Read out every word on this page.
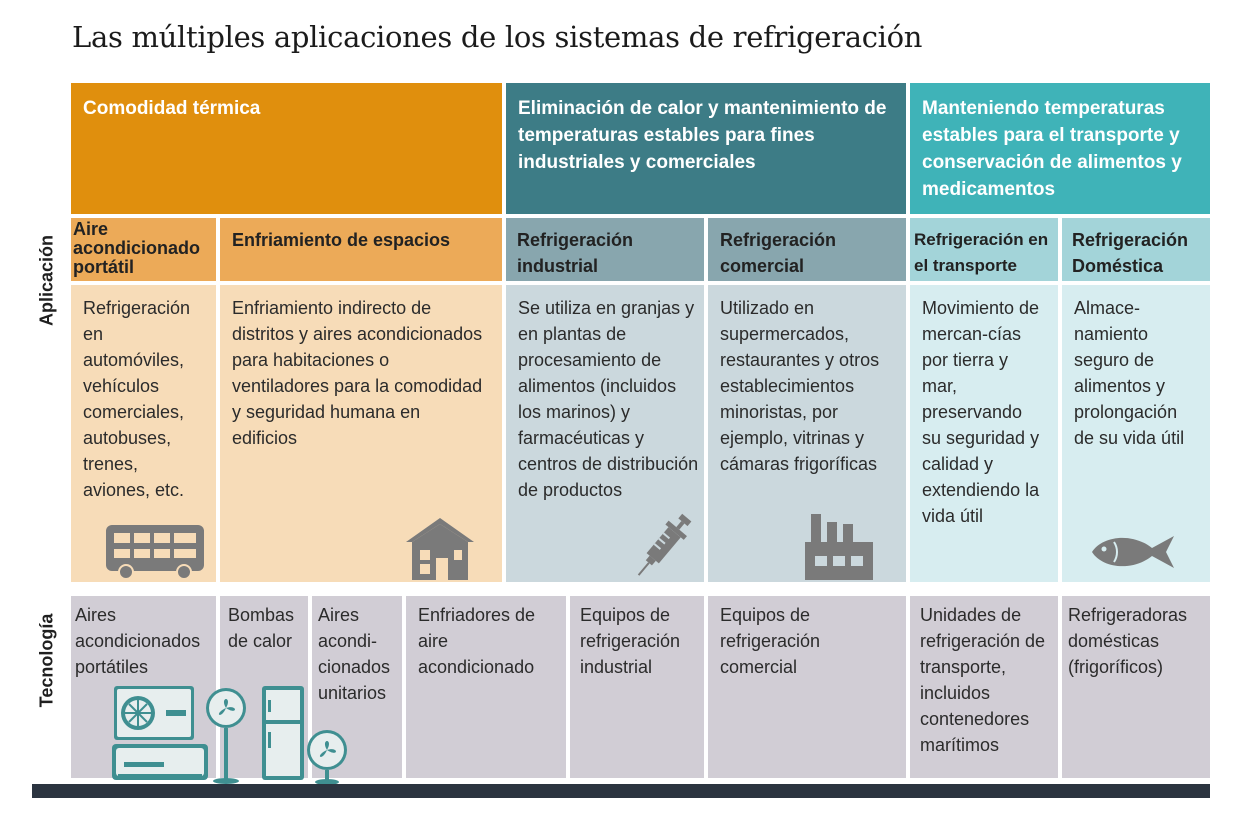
Las múltiples aplicaciones de los sistemas de refrigeración
Aplicación
Tecnología
Comodidad térmica	Eliminación de calor y mantenimiento de temperaturas estables para fines industriales y comerciales
Manteniendo temperaturas estables para el transporte y conservación de alimentos y medicamentos
Aire acondicionado portátil
Enfriamiento de espacios	Refrigeración industrial
Refrigeración comercial
Refrigeración en el transporte
Refrigeración Doméstica
Refrigeración en automóviles, vehículos comerciales, autobuses, trenes, aviones, etc.
Enfriamiento indirecto de distritos y aires acondicionados para habitaciones o ventiladores para la comodidad y seguridad humana en edificios
Se utiliza en granjas y en plantas de procesamiento de alimentos (incluidos los marinos) y farmacéuticas y centros de distribución de productos
Utilizado en supermercados, restaurantes y otros establecimientos minoristas, por ejemplo, vitrinas y cámaras frigoríficas
Movimiento de mercan-cías por tierra y mar, preservando su seguridad y calidad y extendiendo la vida útil
Almace-namiento seguro de alimentos y prolongación de su vida útil
Aires acondicionados portátiles
Bombas de calor
Aires acondi-cionados unitarios
Enfriadores de aire acondicionado
Equipos de refrigeración industrial
Equipos de refrigeración comercial
Unidades de refrigeración de transporte, incluidos contenedores marítimos
Refrigeradoras domésticas (frigoríficos)
